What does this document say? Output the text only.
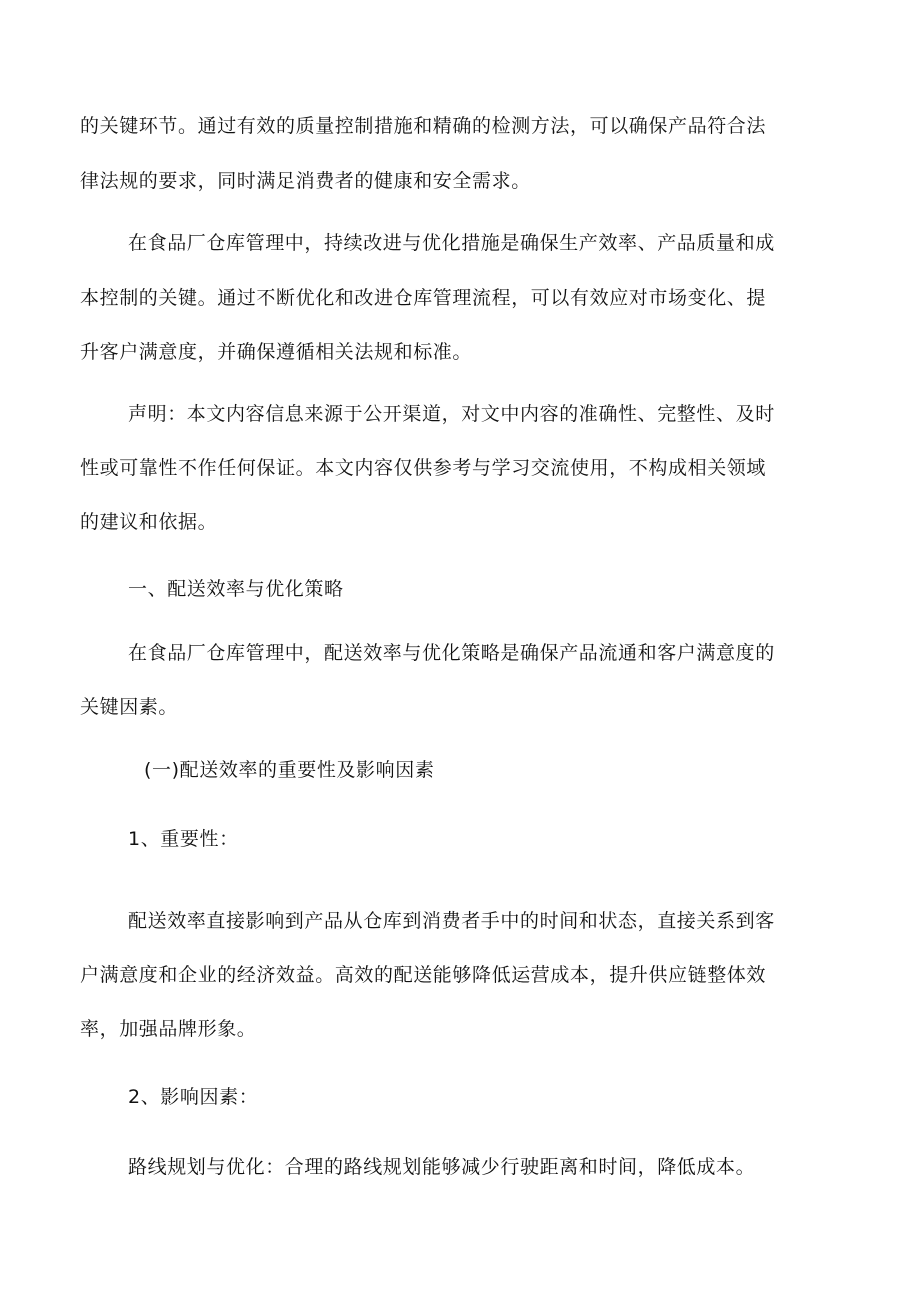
的关键环节。通过有效的质量控制措施和精确的检测方法，可以确保产品符合法
律法规的要求，同时满足消费者的健康和安全需求。
在食品厂仓库管理中，持续改进与优化措施是确保生产效率、产品质量和成
本控制的关键。通过不断优化和改进仓库管理流程，可以有效应对市场变化、提
升客户满意度，并确保遵循相关法规和标准。
声明：本文内容信息来源于公开渠道，对文中内容的准确性、完整性、及时
性或可靠性不作任何保证。本文内容仅供参考与学习交流使用，不构成相关领域
的建议和依据。
一、配送效率与优化策略
在食品厂仓库管理中，配送效率与优化策略是确保产品流通和客户满意度的
关键因素。
(一)配送效率的重要性及影响因素
1、重要性：
配送效率直接影响到产品从仓库到消费者手中的时间和状态，直接关系到客
户满意度和企业的经济效益。高效的配送能够降低运营成本，提升供应链整体效
率，加强品牌形象。
2、影响因素：
路线规划与优化：合理的路线规划能够减少行驶距离和时间，降低成本。
